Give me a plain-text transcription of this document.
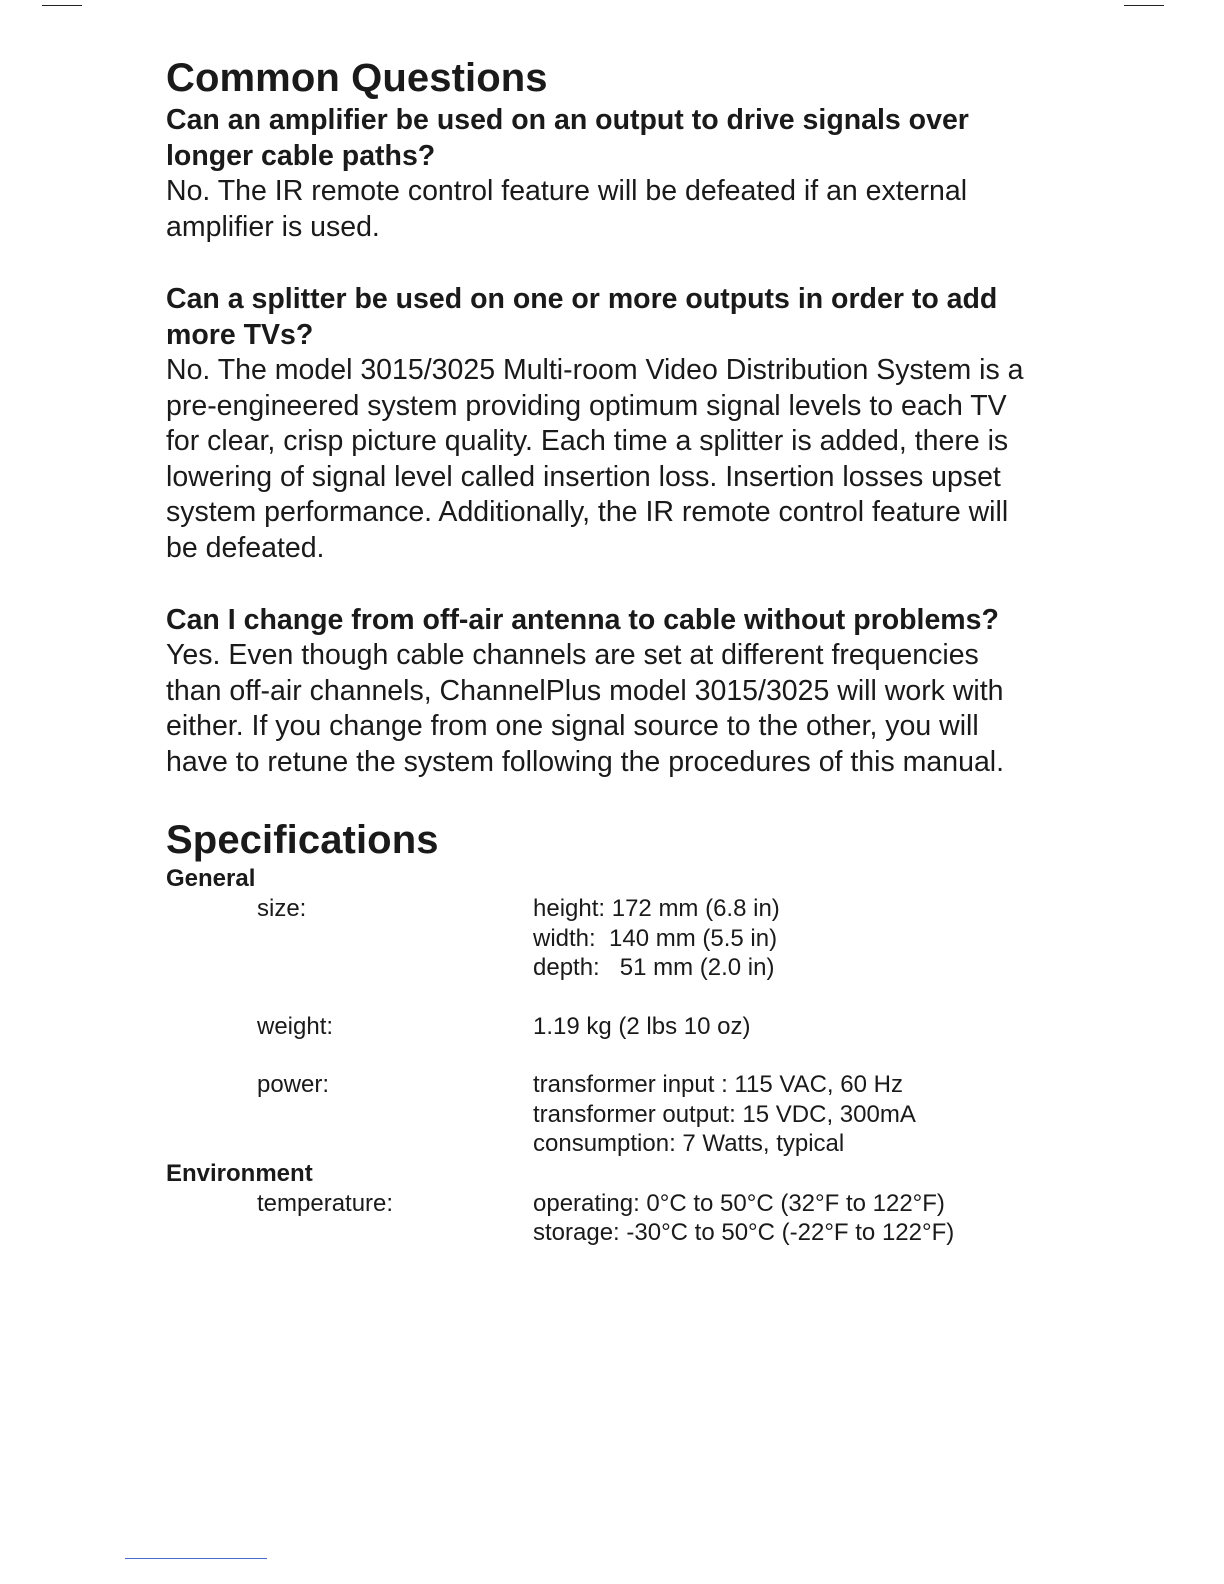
Common Questions

Can an amplifier be used on an output to drive signals over longer cable paths?

No. The IR remote control feature will be defeated if an external amplifier is used.

Can a splitter be used on one or more outputs in order to add more TVs?

No. The model 3015/3025 Multi-room Video Distribution System is a pre-engineered system providing optimum signal levels to each TV for clear, crisp picture quality. Each time a splitter is added, there is lowering of signal level called insertion loss. Insertion losses upset system performance. Additionally, the IR remote control feature will be defeated.

Can I change from off-air antenna to cable without problems?

Yes. Even though cable channels are set at different frequencies than off-air channels, ChannelPlus model 3015/3025 will work with either. If you change from one signal source to the other, you will have to retune the system following the procedures of this manual.

Specifications

General

size:	height: 172 mm (6.8 in)
width:  140 mm (5.5 in)
depth:   51 mm (2.0 in)
weight:	1.19 kg (2 lbs 10 oz)
power:	transformer input : 115 VAC, 60 Hz
transformer output: 15 VDC, 300mA
consumption: 7 Watts, typical

Environment

temperature:	operating: 0°C to 50°C (32°F to 122°F)
storage: -30°C to 50°C (-22°F to 122°F)
